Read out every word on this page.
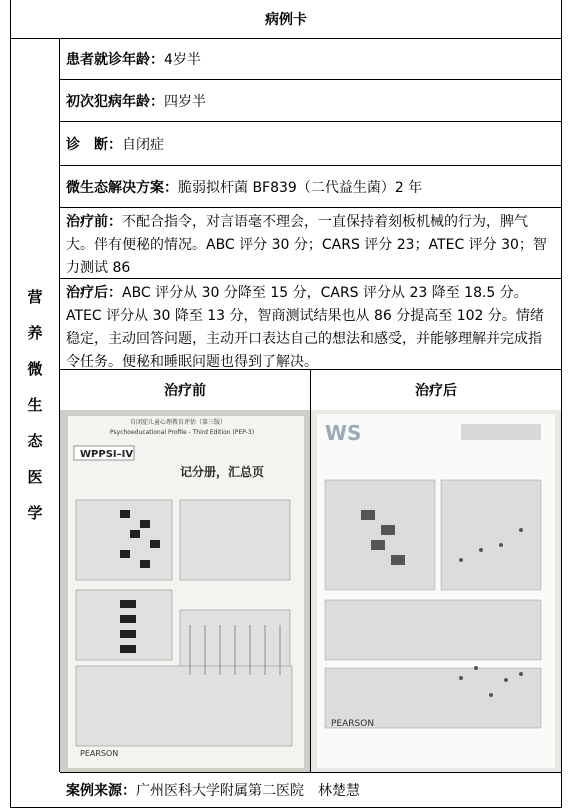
病例卡
营
养
微
生
态
医
学
患者就诊年龄： 4岁半
初次犯病年龄： 四岁半
诊　断： 自闭症
微生态解决方案： 脆弱拟杆菌 BF839（二代益生菌）2 年
治疗前：不配合指令，对言语毫不理会，一直保持着刻板机械的行为，脾气大。伴有便秘的情况。ABC 评分 30 分；CARS 评分 23；ATEC 评分 30；智力测试 86
治疗后：ABC 评分从 30 分降至 15 分，CARS 评分从 23 降至 18.5 分。ATEC 评分从 30 降至 13 分，智商测试结果也从 86 分提高至 102 分。情绪稳定，主动回答问题，主动开口表达自己的想法和感受，并能够理解并完成指令任务。便秘和睡眠问题也得到了解决。
治疗前	治疗后
自闭症儿童心理教育评估（第三版）
Psychoeducational Profile - Third Edition (PEP-3)
WPPSI–IV
记分册，汇总页
PEARSON
WS
PEARSON
案例来源： 广州医科大学附属第二医院　林楚慧
